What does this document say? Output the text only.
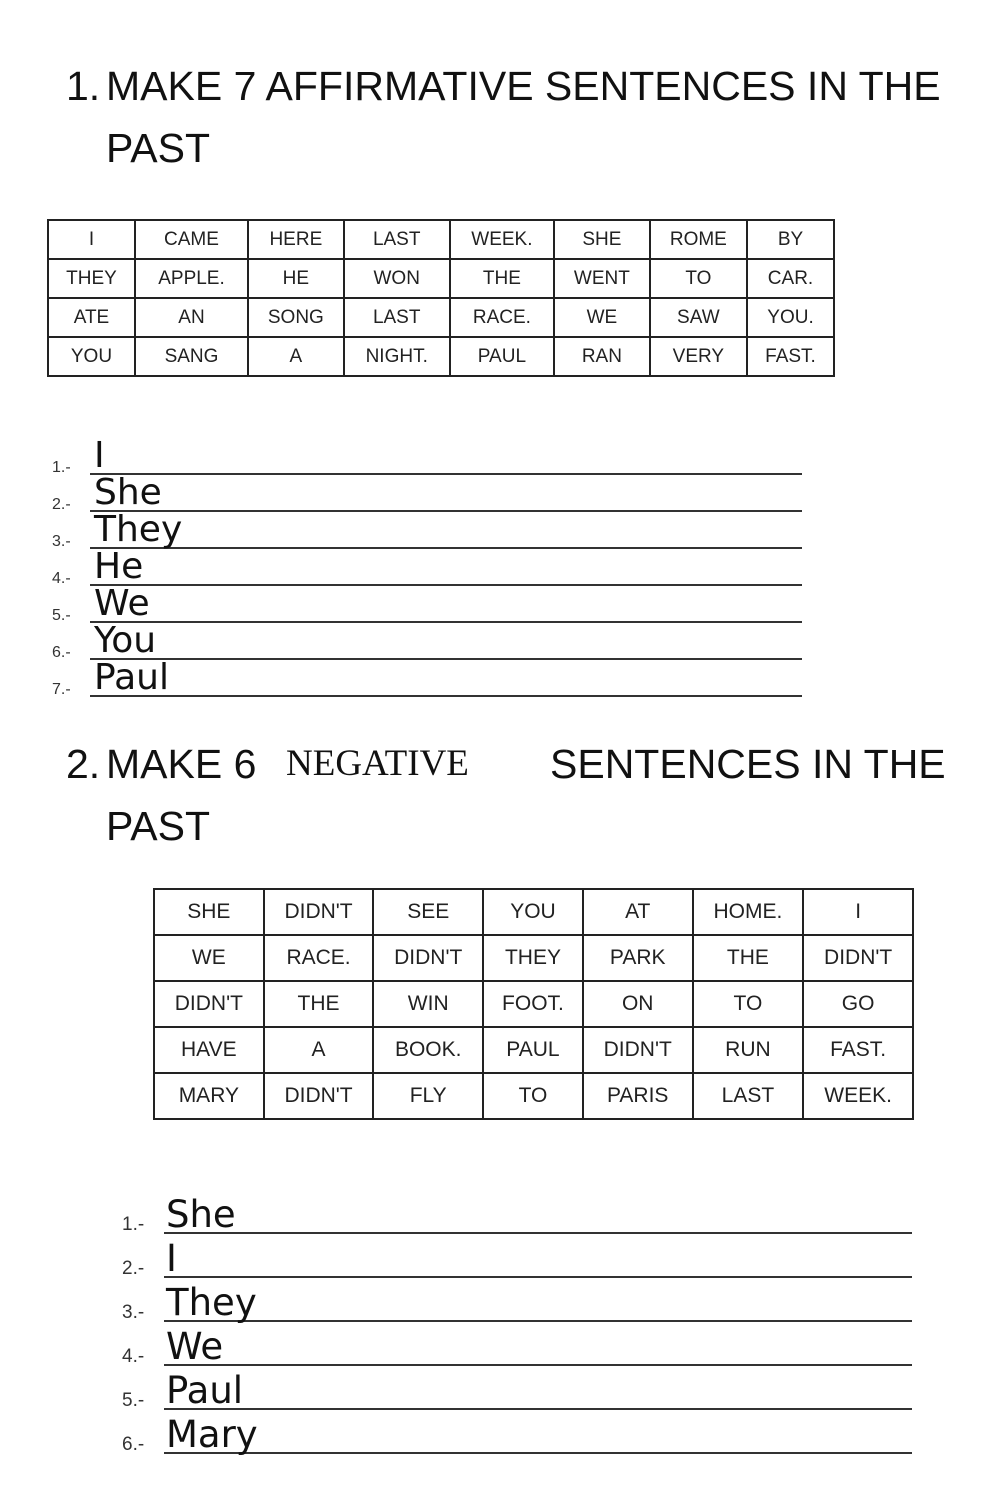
1. MAKE 7 AFFIRMATIVE SENTENCES IN THE
PAST
I	CAME	HERE	LAST	WEEK.	SHE	ROME	BY
THEY	APPLE.	HE	WON	THE	WENT	TO	CAR.
ATE	AN	SONG	LAST	RACE.	WE	SAW	YOU.
YOU	SANG	A	NIGHT.	PAUL	RAN	VERY	FAST.
1.- I
2.- She
3.- They
4.- He
5.- We
6.- You
7.- Paul
2. MAKE 6 NEGATIVE SENTENCES IN THE
PAST
SHE	DIDN'T	SEE	YOU	AT	HOME.	I
WE	RACE.	DIDN'T	THEY	PARK	THE	DIDN'T
DIDN'T	THE	WIN	FOOT.	ON	TO	GO
HAVE	A	BOOK.	PAUL	DIDN'T	RUN	FAST.
MARY	DIDN'T	FLY	TO	PARIS	LAST	WEEK.
1.- She
2.- I
3.- They
4.- We
5.- Paul
6.- Mary
